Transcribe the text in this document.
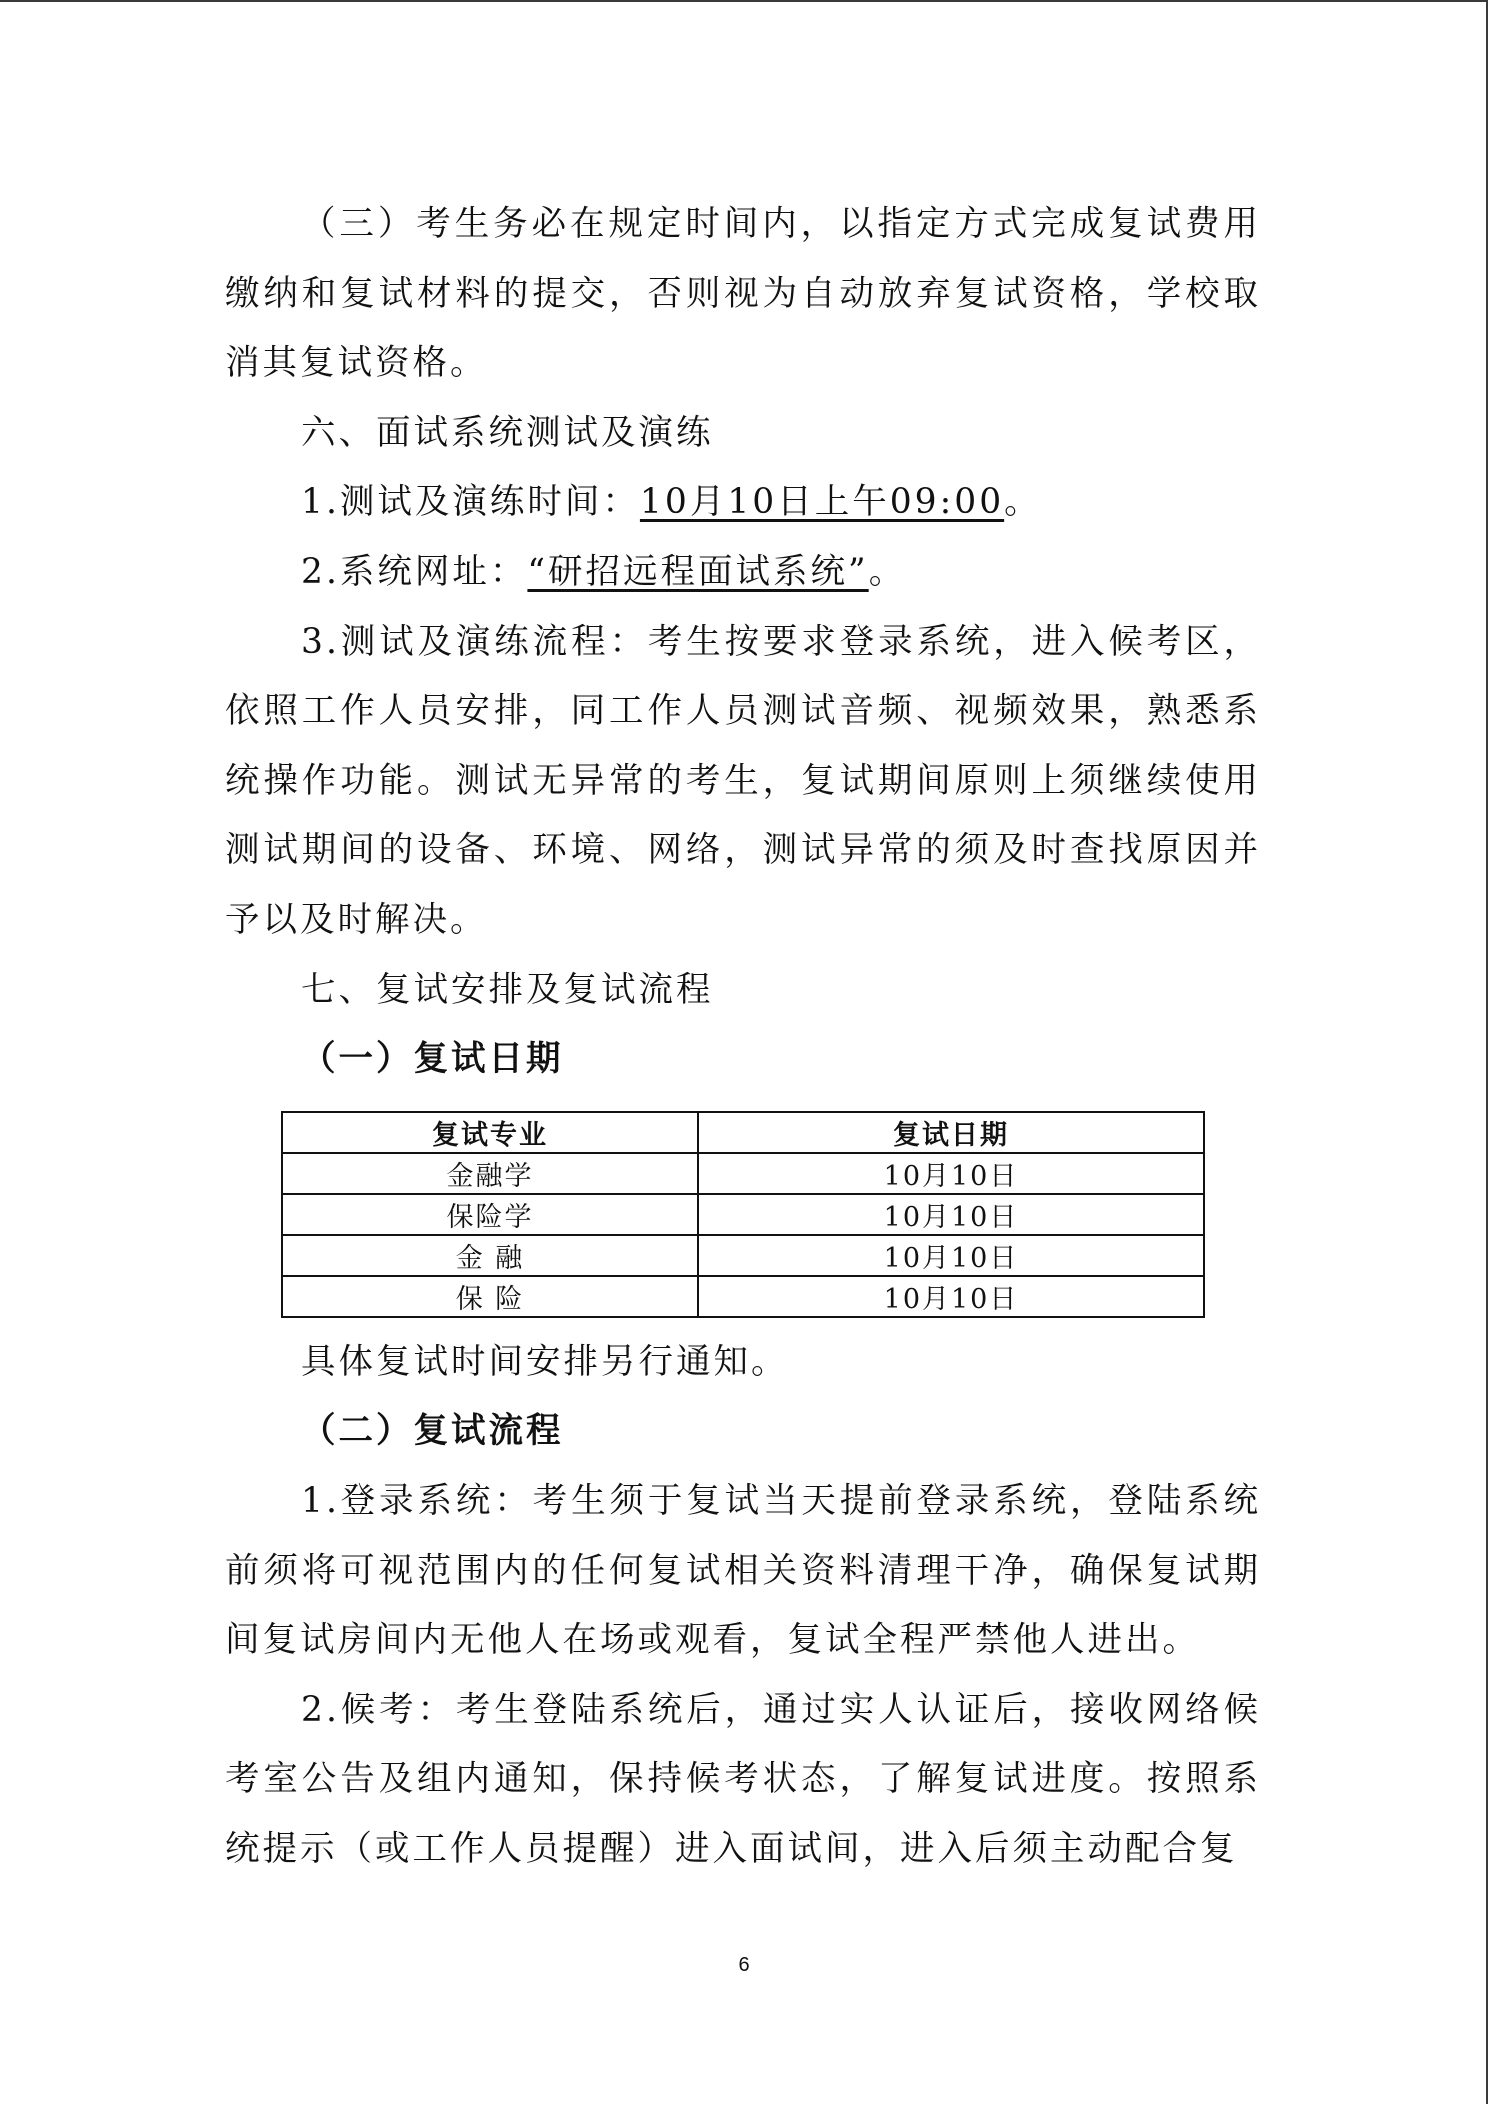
（三）考生务必在规定时间内，以指定方式完成复试费用缴纳和复试材料的提交，否则视为自动放弃复试资格，学校取消其复试资格。

六、面试系统测试及演练

1.测试及演练时间：10月10日上午09:00。

2.系统网址：“研招远程面试系统”。

3.测试及演练流程：考生按要求登录系统，进入候考区，依照工作人员安排，同工作人员测试音频、视频效果，熟悉系统操作功能。测试无异常的考生，复试期间原则上须继续使用测试期间的设备、环境、网络，测试异常的须及时查找原因并予以及时解决。

七、复试安排及复试流程

（一）复试日期

复试专业	复试日期
金融学	10月10日
保险学	10月10日
金 融	10月10日
保 险	10月10日

具体复试时间安排另行通知。

（二）复试流程

1.登录系统：考生须于复试当天提前登录系统，登陆系统前须将可视范围内的任何复试相关资料清理干净，确保复试期间复试房间内无他人在场或观看，复试全程严禁他人进出。

2.候考：考生登陆系统后，通过实人认证后，接收网络候考室公告及组内通知，保持候考状态，了解复试进度。按照系统提示（或工作人员提醒）进入面试间，进入后须主动配合复

6
